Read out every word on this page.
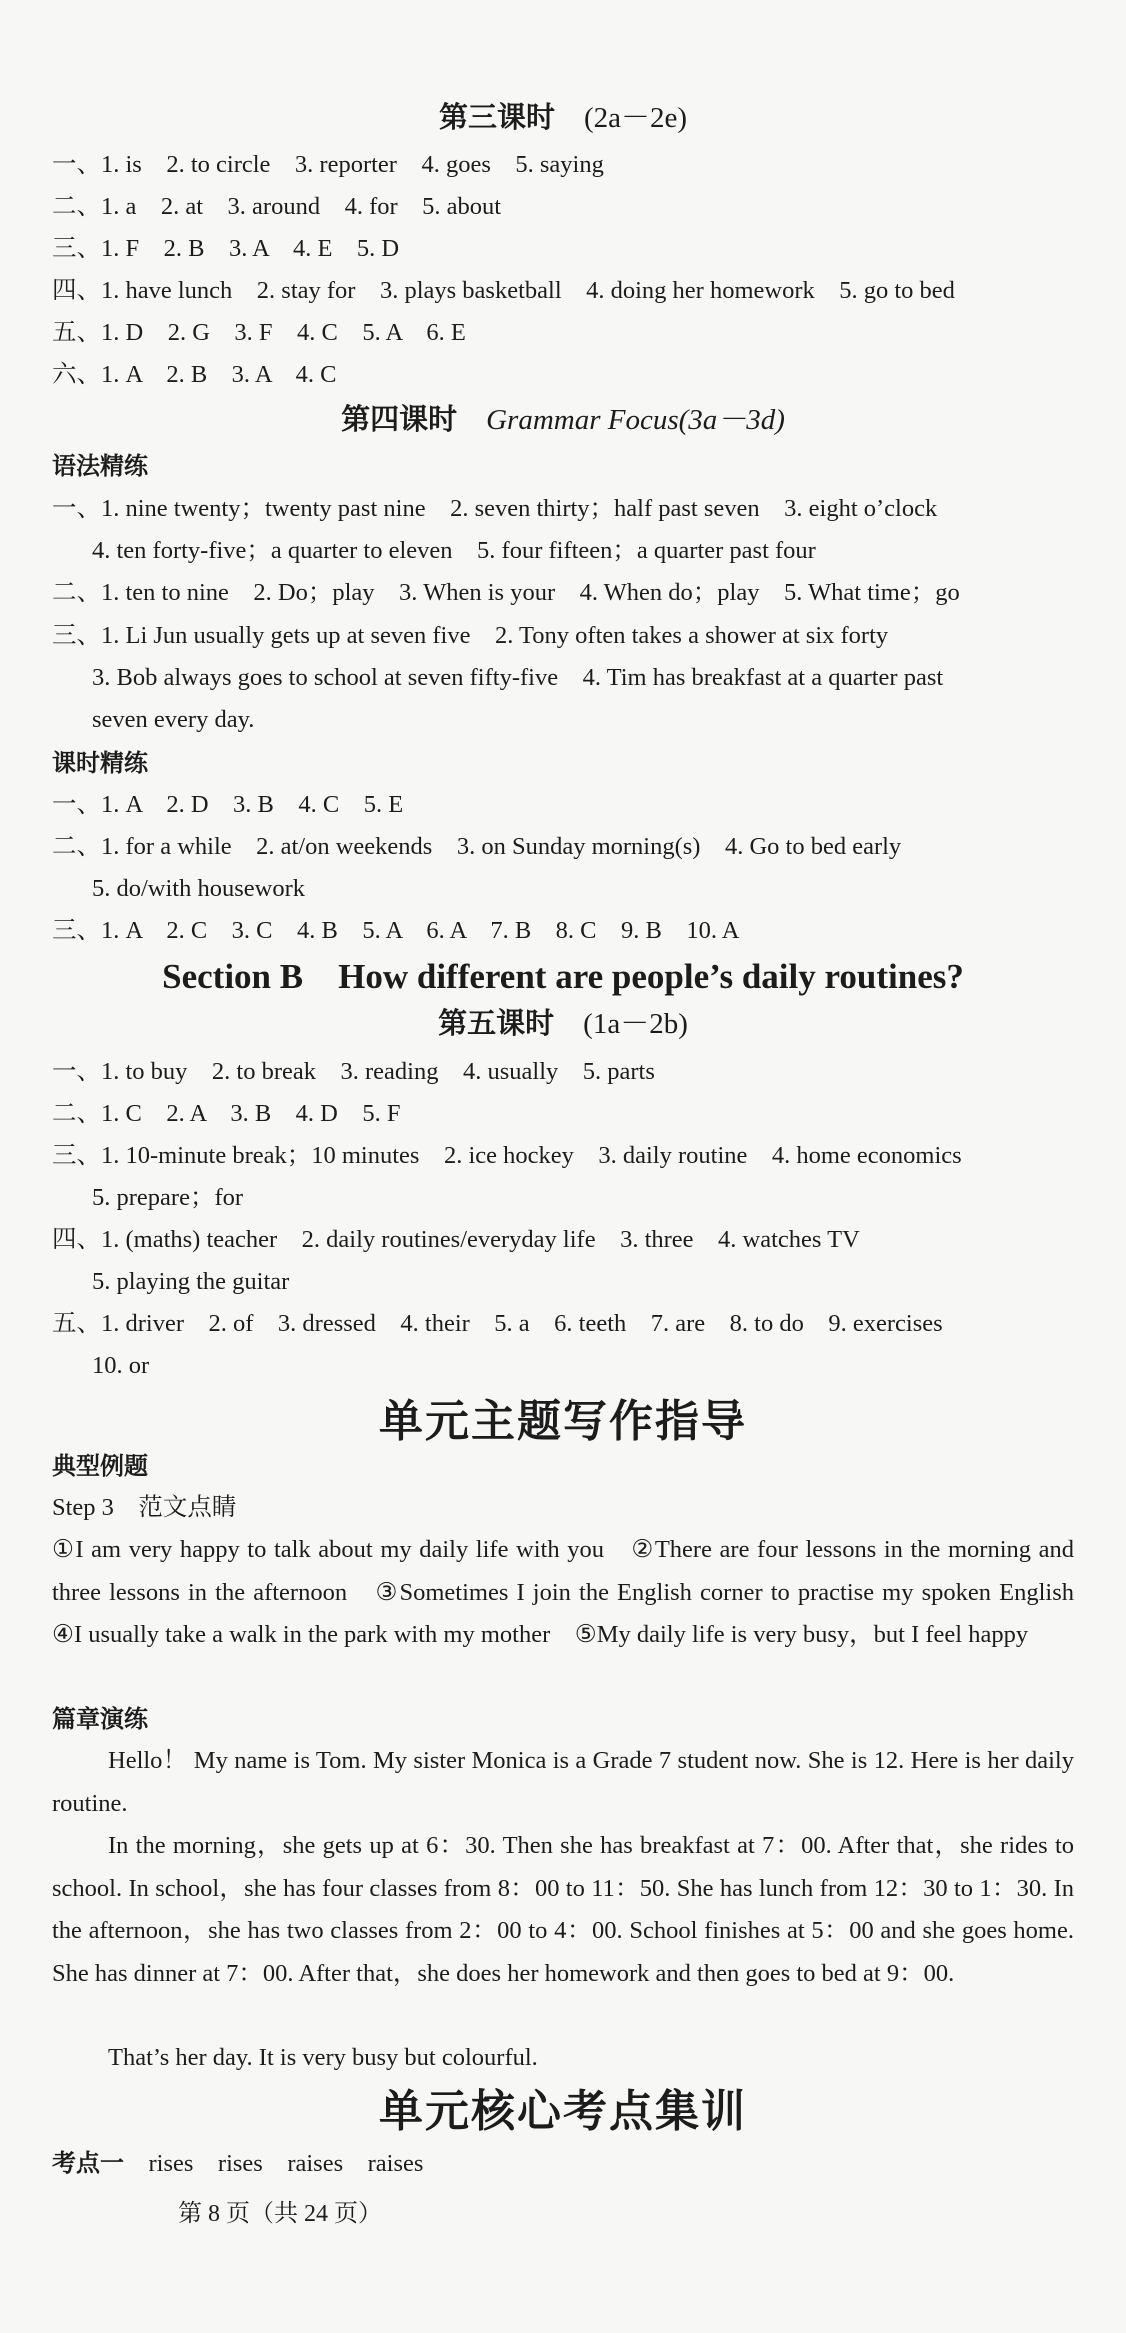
第三课时　 (2a－2e)
一、1. is　2. to circle　3. reporter　4. goes　5. saying
二、1. a　2. at　3. around　4. for　5. about
三、1. F　2. B　3. A　4. E　5. D
四、1. have lunch　2. stay for　3. plays basketball　4. doing her homework　5. go to bed
五、1. D　2. G　3. F　4. C　5. A　6. E
六、1. A　2. B　3. A　4. C
第四课时　 Grammar Focus(3a－3d)
语法精练
一、1. nine twenty；twenty past nine　2. seven thirty；half past seven　3. eight o’clock
4. ten forty-five；a quarter to eleven　5. four fifteen；a quarter past four
二、1. ten to nine　2. Do；play　3. When is your　4. When do；play　5. What time；go
三、1. Li Jun usually gets up at seven five　2. Tony often takes a shower at six forty
3. Bob always goes to school at seven fifty-five　4. Tim has breakfast at a quarter past
seven every day.
课时精练
一、1. A　2. D　3. B　4. C　5. E
二、1. for a while　2. at/on weekends　3. on Sunday morning(s)　4. Go to bed early
5. do/with housework
三、1. A　2. C　3. C　4. B　5. A　6. A　7. B　8. C　9. B　10. A
Section B　How different are people’s daily routines?
第五课时　 (1a－2b)
一、1. to buy　2. to break　3. reading　4. usually　5. parts
二、1. C　2. A　3. B　4. D　5. F
三、1. 10-minute break；10 minutes　2. ice hockey　3. daily routine　4. home economics
5. prepare；for
四、1. (maths) teacher　2. daily routines/everyday life　3. three　4. watches TV
5. playing the guitar
五、1. driver　2. of　3. dressed　4. their　5. a　6. teeth　7. are　8. to do　9. exercises
10. or
单元主题写作指导
典型例题
Step 3　范文点睛
①I am very happy to talk about my daily life with you　②There are four lessons in the morning and three lessons in the afternoon　③Sometimes I join the English corner to practise my spoken English　④I usually take a walk in the park with my mother　⑤My daily life is very busy，but I feel happy
篇章演练
Hello！ My name is Tom. My sister Monica is a Grade 7 student now. She is 12. Here is her daily routine.
In the morning，she gets up at 6：30. Then she has breakfast at 7：00. After that，she rides to school. In school，she has four classes from 8：00 to 11：50. She has lunch from 12：30 to 1：30. In the afternoon，she has two classes from 2：00 to 4：00. School finishes at 5：00 and she goes home. She has dinner at 7：00. After that，she does her homework and then goes to bed at 9：00.
That’s her day. It is very busy but colourful.
单元核心考点集训
考点一　 rises　rises　raises　raises
第 8 页（共 24 页）
